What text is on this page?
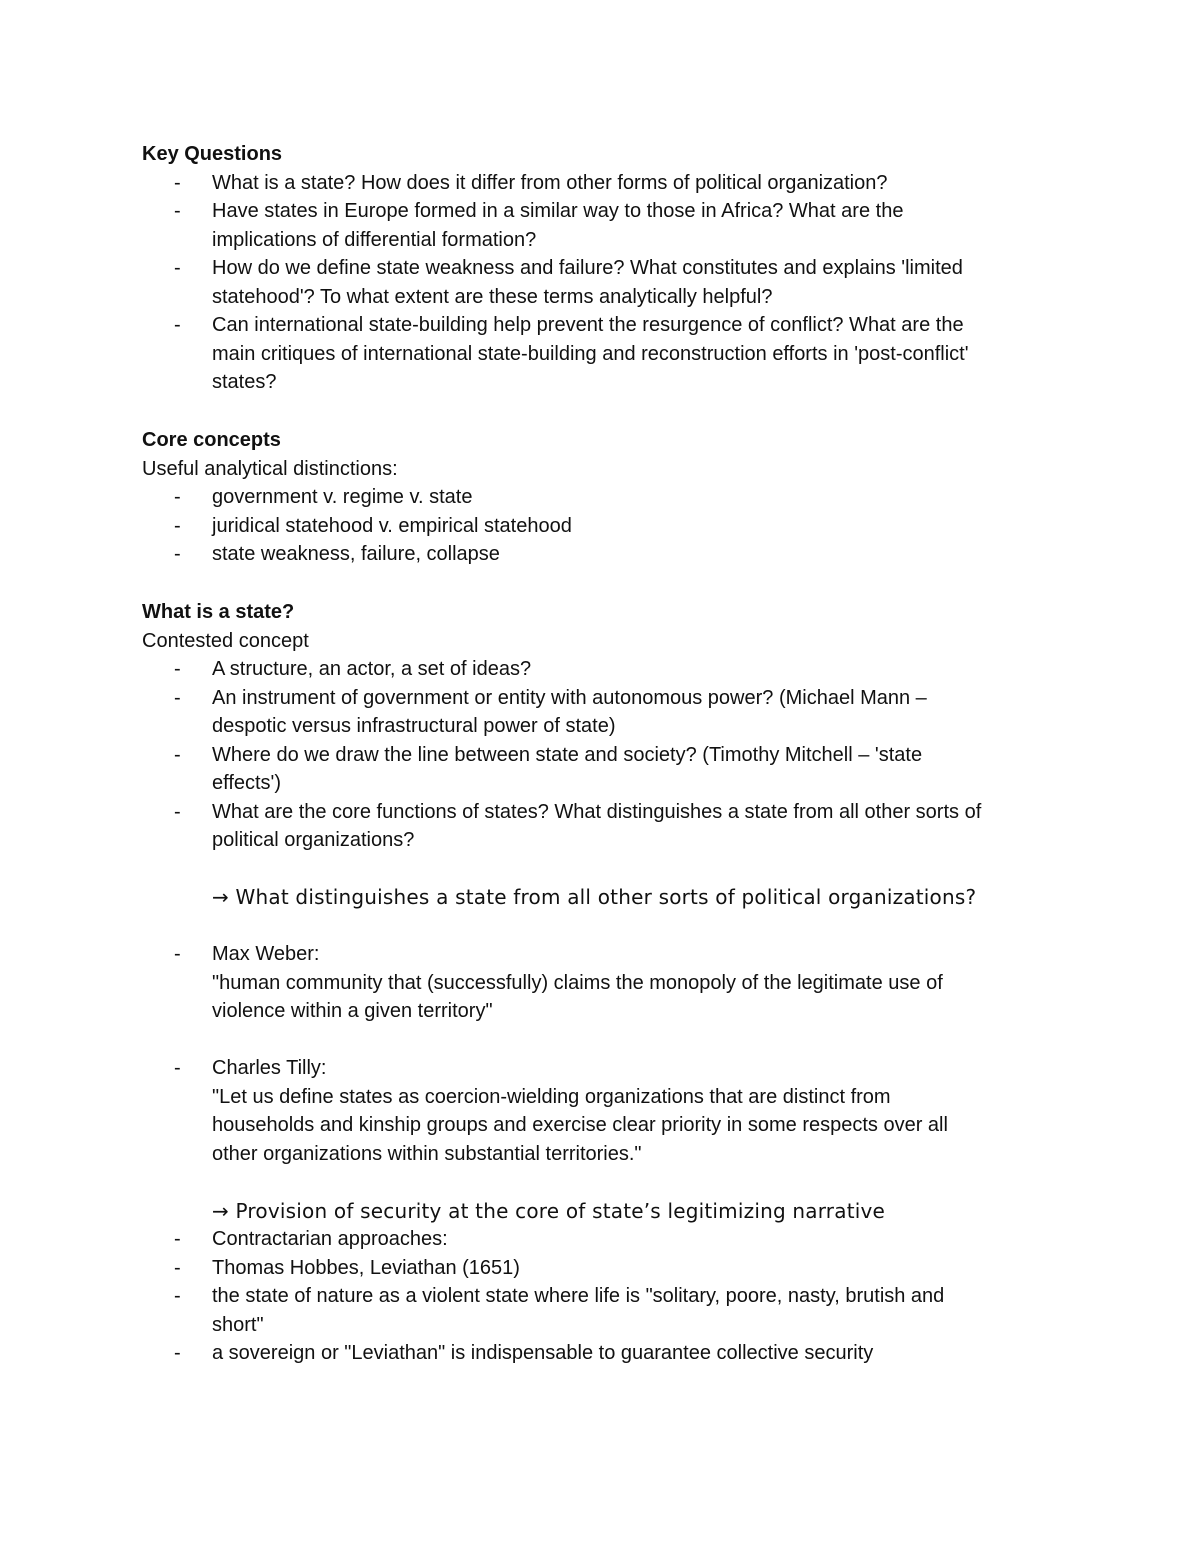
Key Questions

- What is a state? How does it differ from other forms of political organization?
- Have states in Europe formed in a similar way to those in Africa? What are the
implications of differential formation?
- How do we define state weakness and failure? What constitutes and explains 'limited
statehood'? To what extent are these terms analytically helpful?
- Can international state-building help prevent the resurgence of conflict? What are the
main critiques of international state-building and reconstruction efforts in 'post-conflict'
states?

Core concepts

Useful analytical distinctions:

- government v. regime v. state
- juridical statehood v. empirical statehood
- state weakness, failure, collapse

What is a state?

Contested concept

- A structure, an actor, a set of ideas?
- An instrument of government or entity with autonomous power? (Michael Mann –
despotic versus infrastructural power of state)
- Where do we draw the line between state and society? (Timothy Mitchell – 'state
effects')
- What are the core functions of states? What distinguishes a state from all other sorts of
political organizations?
→ What distinguishes a state from all other sorts of political organizations?
- Max Weber:
"human community that (successfully) claims the monopoly of the legitimate use of
violence within a given territory"
- Charles Tilly:
"Let us define states as coercion-wielding organizations that are distinct from
households and kinship groups and exercise clear priority in some respects over all
other organizations within substantial territories."
→ Provision of security at the core of state’s legitimizing narrative
- Contractarian approaches:
- Thomas Hobbes, Leviathan (1651)
- the state of nature as a violent state where life is "solitary, poore, nasty, brutish and
short"
- a sovereign or "Leviathan" is indispensable to guarantee collective security
